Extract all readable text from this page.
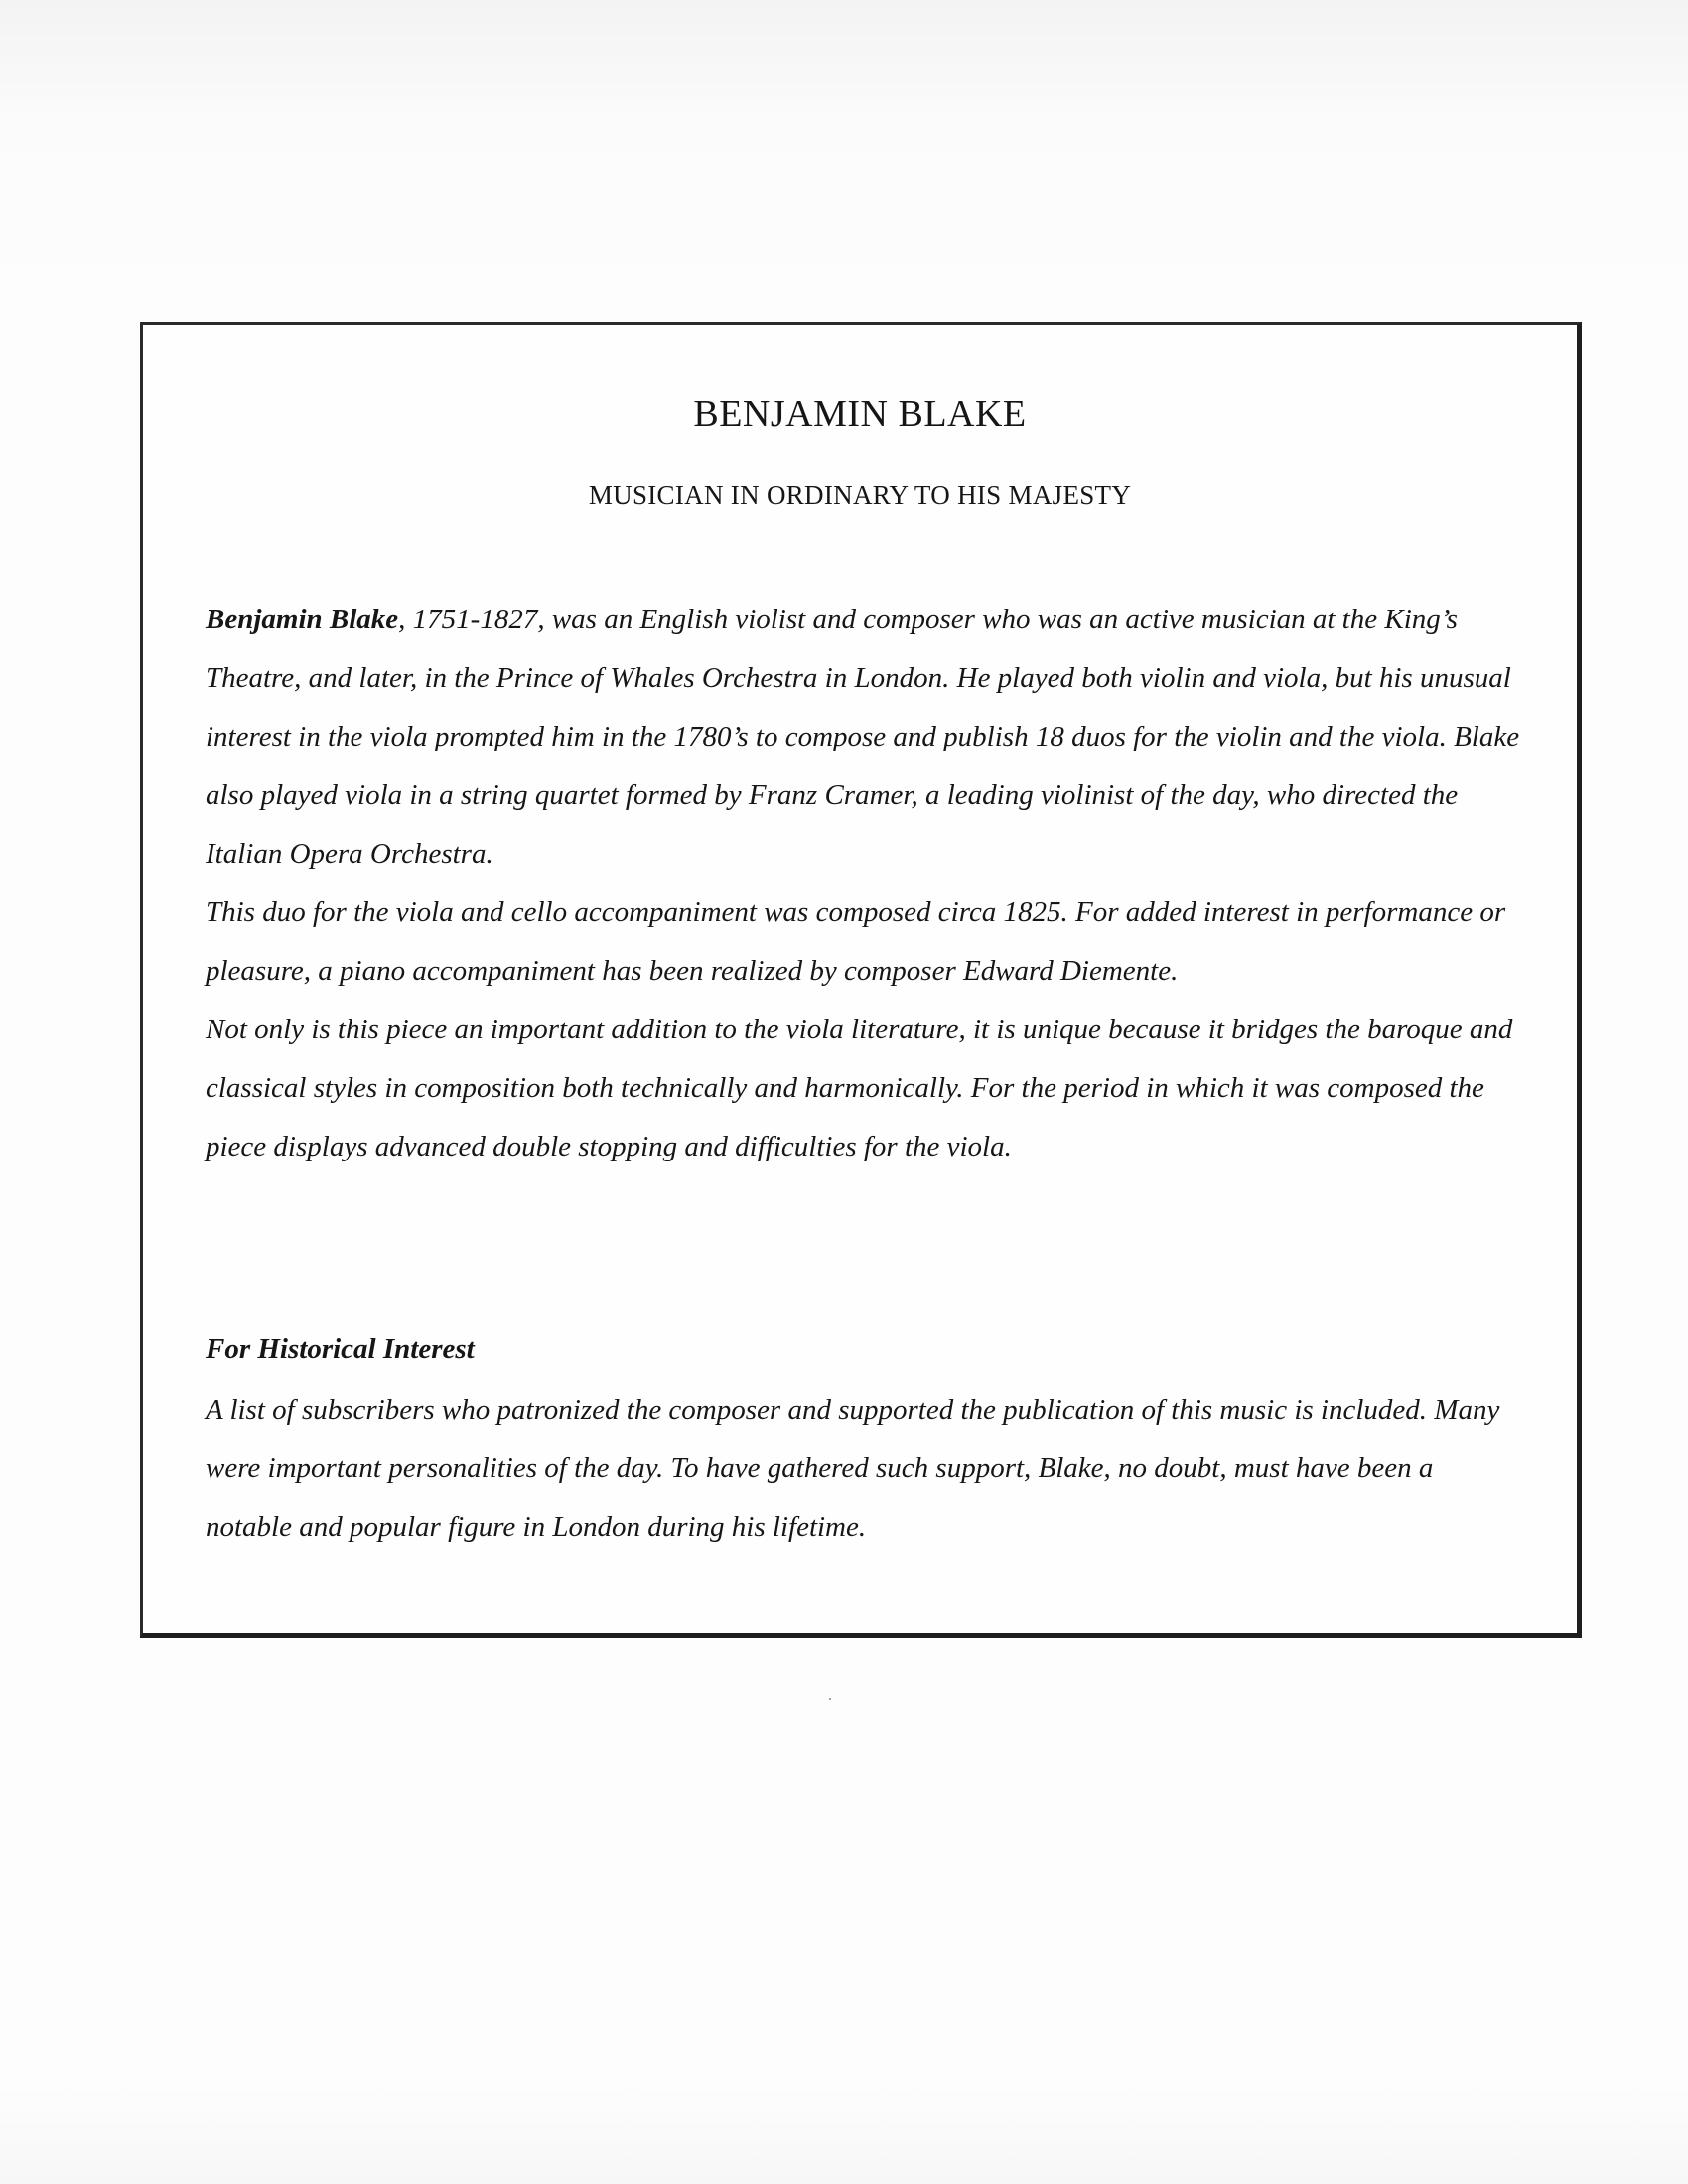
BENJAMIN BLAKE
MUSICIAN IN ORDINARY TO HIS MAJESTY

Benjamin Blake, 1751-1827, was an English violist and composer who was an active musician at the King’s Theatre, and later, in the Prince of Whales Orchestra in London. He played both violin and viola, but his unusual interest in the viola prompted him in the 1780’s to compose and publish 18 duos for the violin and the viola. Blake also played viola in a string quartet formed by Franz Cramer, a leading violinist of the day, who directed the Italian Opera Orchestra.

This duo for the viola and cello accompaniment was composed circa 1825. For added interest in performance or pleasure, a piano accompaniment has been realized by composer Edward Diemente.

Not only is this piece an important addition to the viola literature, it is unique because it bridges the baroque and classical styles in composition both technically and harmonically. For the period in which it was composed the piece displays advanced double stopping and difficulties for the viola.

For Historical Interest

A list of subscribers who patronized the composer and supported the publication of this music is included. Many were important personalities of the day. To have gathered such support, Blake, no doubt, must have been a notable and popular figure in London during his lifetime.
